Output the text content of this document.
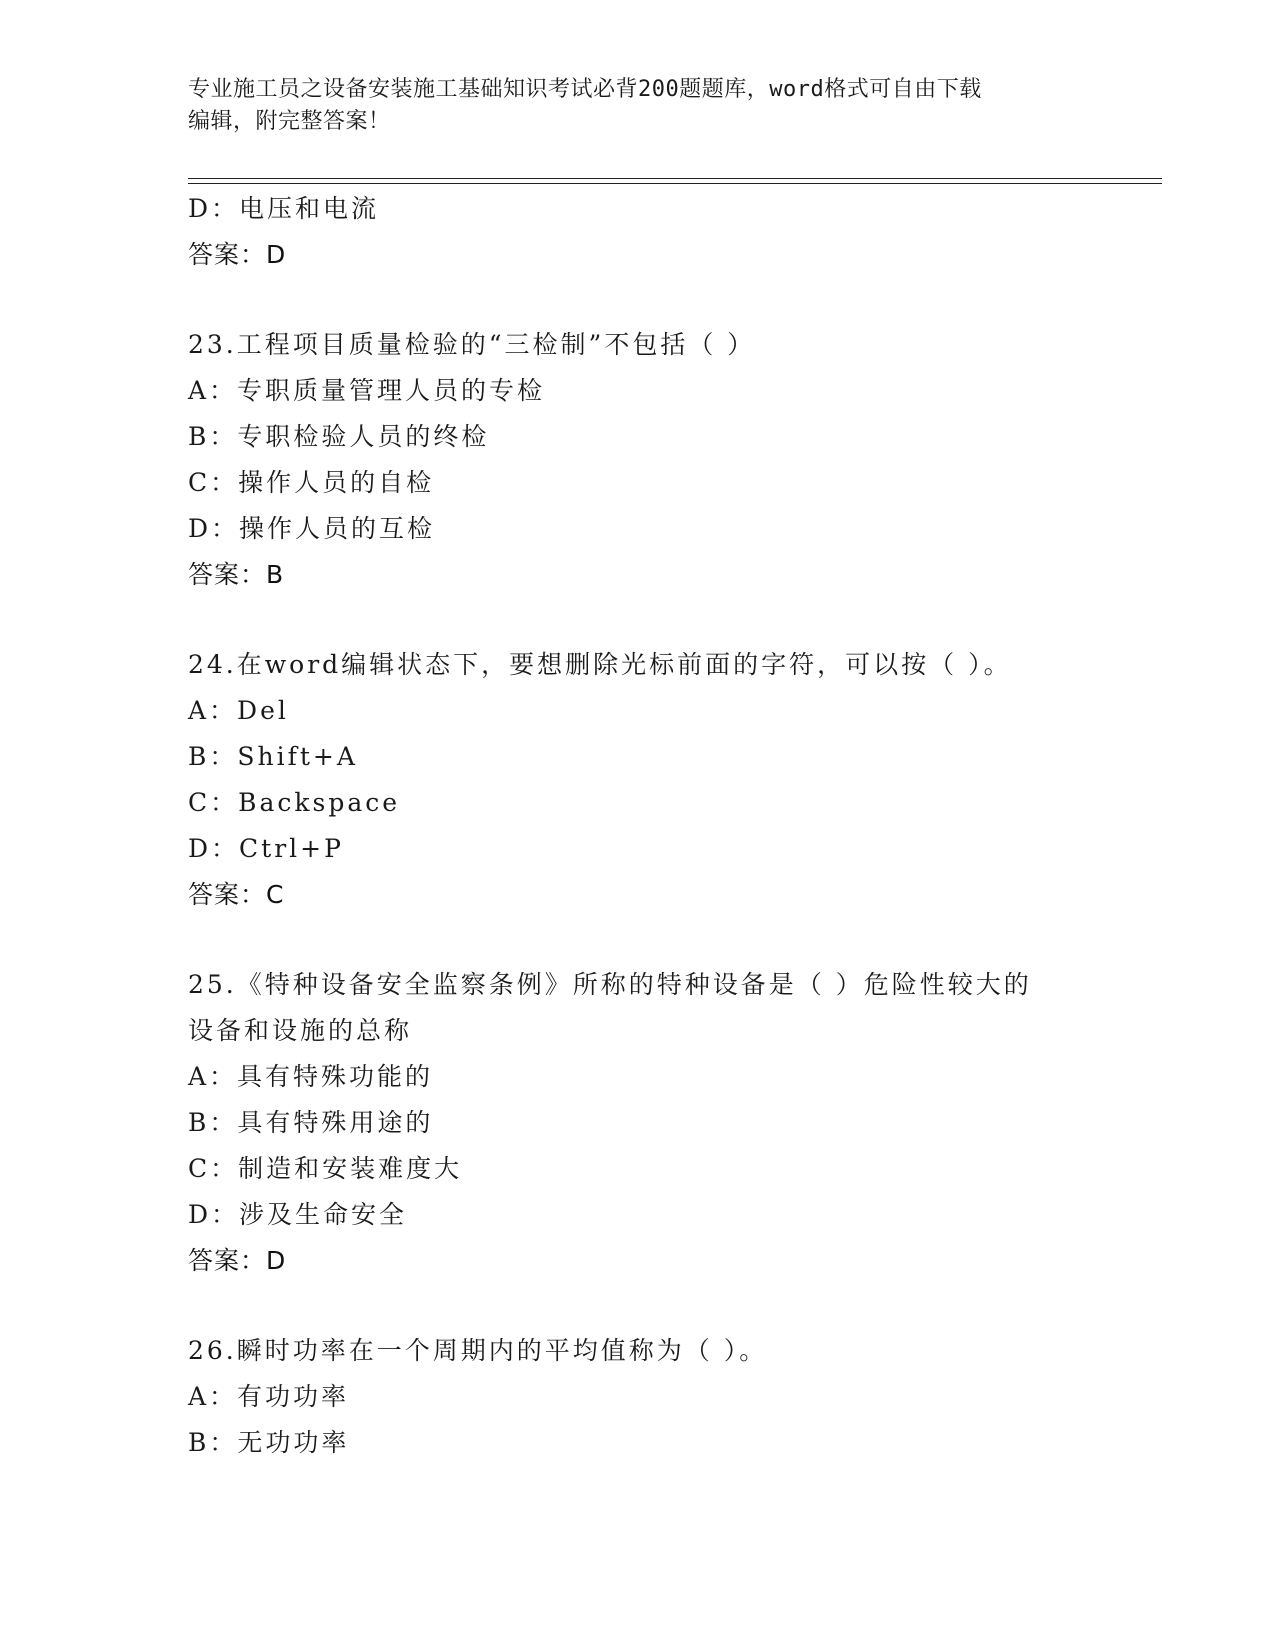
专业施工员之设备安装施工基础知识考试必背200题题库，word格式可自由下载
编辑，附完整答案！
D：电压和电流
答案：D
23.工程项目质量检验的“三检制”不包括（ ）
A：专职质量管理人员的专检
B：专职检验人员的终检
C：操作人员的自检
D：操作人员的互检
答案：B
24.在word编辑状态下，要想删除光标前面的字符，可以按（ ）。
A：Del
B：Shift+A
C：Backspace
D：Ctrl+P
答案：C
25.《特种设备安全监察条例》所称的特种设备是（ ）危险性较大的设备和设施的总称
A：具有特殊功能的
B：具有特殊用途的
C：制造和安装难度大
D：涉及生命安全
答案：D
26.瞬时功率在一个周期内的平均值称为（ ）。
A：有功功率
B：无功功率
